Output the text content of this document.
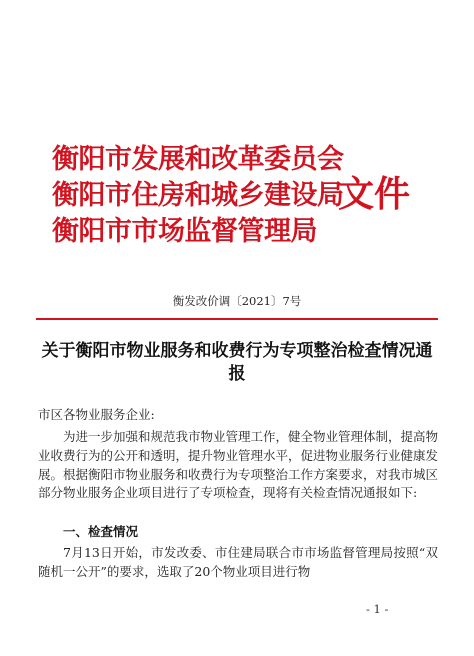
衡阳市发展和改革委员会
衡阳市住房和城乡建设局
衡阳市市场监督管理局
文件
衡发改价调〔2021〕7号
关于衡阳市物业服务和收费行为专项整治检查情况通报
市区各物业服务企业:

为进一步加强和规范我市物业管理工作，健全物业管理体制，提高物业收费行为的公开和透明，提升物业管理水平，促进物业服务行业健康发展。根据衡阳市物业服务和收费行为专项整治工作方案要求，对我市城区部分物业服务企业项目进行了专项检查，现将有关检查情况通报如下:

一、检查情况

7月13日开始，市发改委、市住建局联合市市场监督管理局按照“双随机一公开”的要求，选取了20个物业项目进行物

- 1 -
